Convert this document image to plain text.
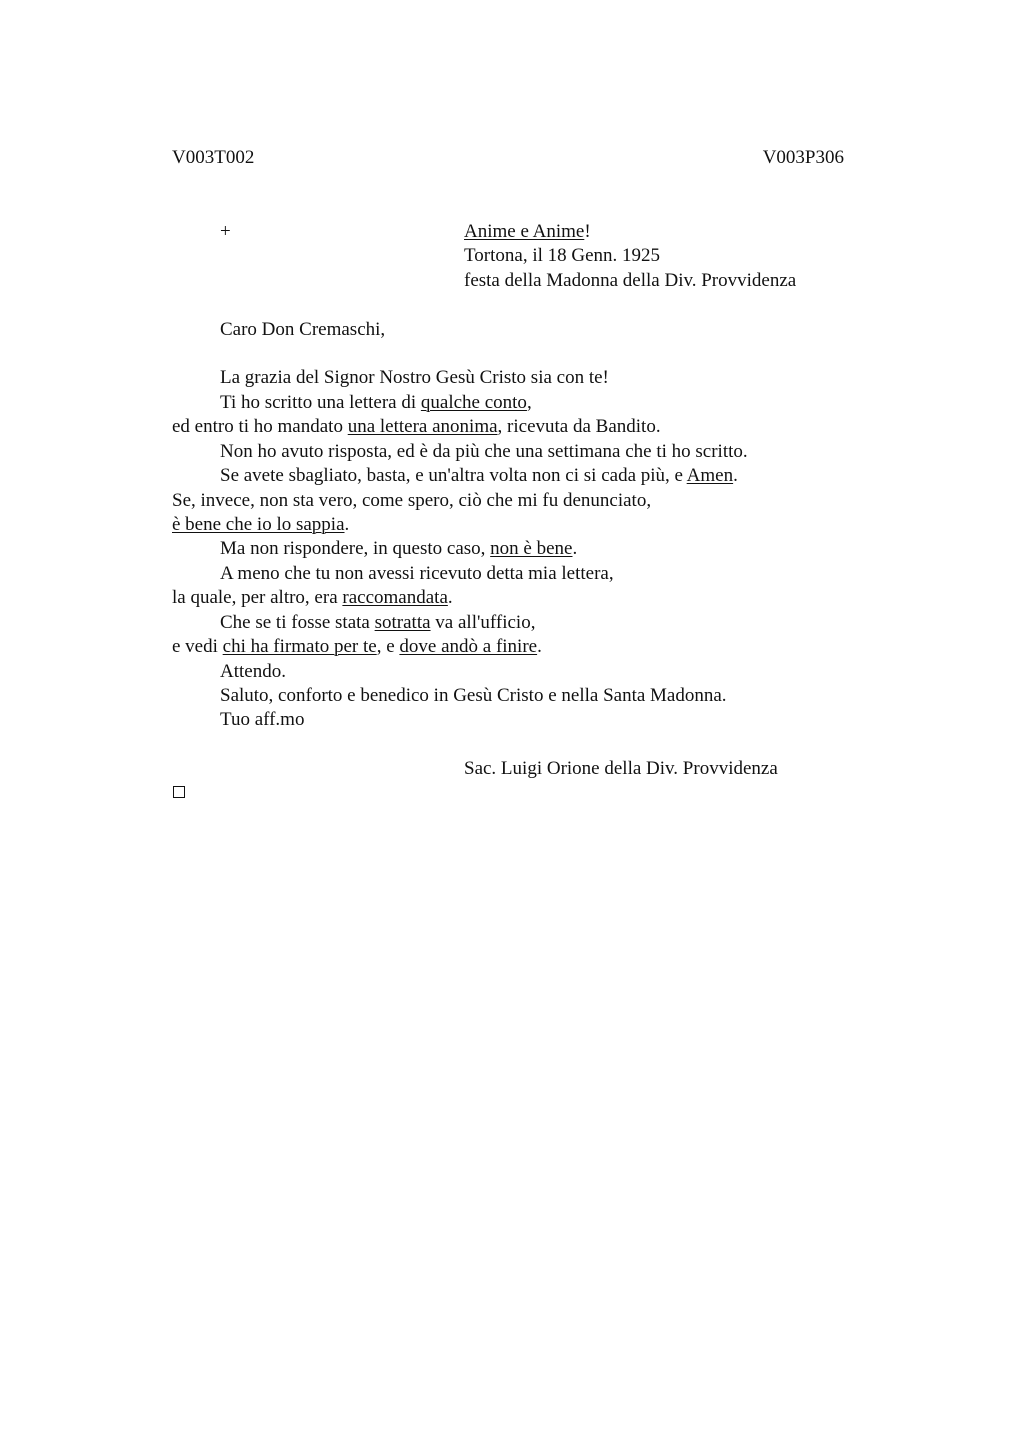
V003T002	V003P306
+	Anime e Anime!
Tortona, il 18 Genn. 1925
festa della Madonna della Div. Provvidenza
Caro Don Cremaschi,
La grazia del Signor Nostro Gesù Cristo sia con te!
Ti ho scritto una lettera di qualche conto,
ed entro ti ho mandato una lettera anonima, ricevuta da Bandito.
Non ho avuto risposta, ed è da più che una settimana che ti ho scritto.
Se avete sbagliato, basta, e un'altra volta non ci si cada più, e Amen.
Se, invece, non sta vero, come spero, ciò che mi fu denunciato,
è bene che io lo sappia.
Ma non rispondere, in questo caso, non è bene.
A meno che tu non avessi ricevuto detta mia lettera,
la quale, per altro, era raccomandata.
Che se ti fosse stata sotratta va all'ufficio,
e vedi chi ha firmato per te, e dove andò a finire.
Attendo.
Saluto, conforto e benedico in Gesù Cristo e nella Santa Madonna.
Tuo aff.mo
Sac. Luigi Orione della Div. Provvidenza
